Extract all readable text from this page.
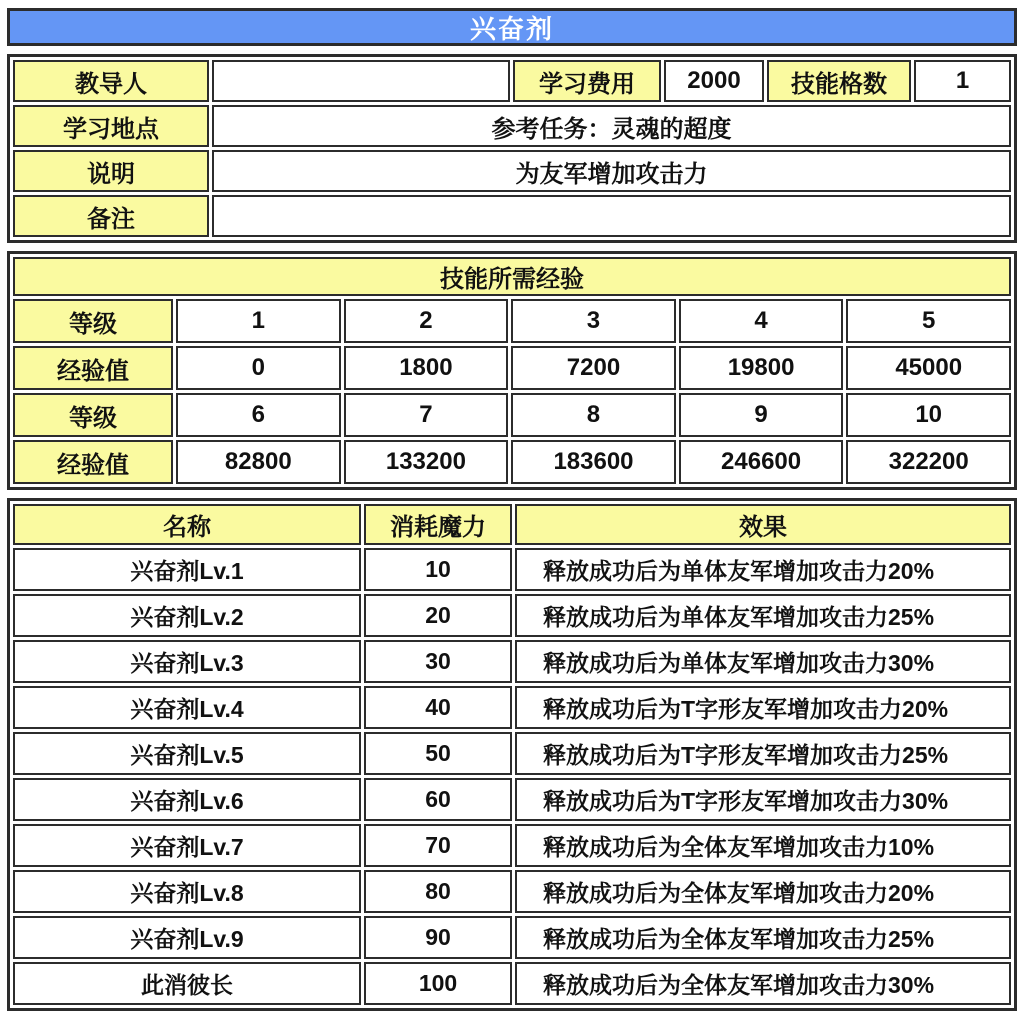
兴奋剂
教导人		学习费用	2000	技能格数	1
学习地点	参考任务：灵魂的超度				
说明	为友军增加攻击力				
备注					
技能所需经验					
等级	1	2	3	4	5
经验值	0	1800	7200	19800	45000
等级	6	7	8	9	10
经验值	82800	133200	183600	246600	322200
名称	消耗魔力	效果
兴奋剂Lv.1	10	释放成功后为单体友军增加攻击力20%
兴奋剂Lv.2	20	释放成功后为单体友军增加攻击力25%
兴奋剂Lv.3	30	释放成功后为单体友军增加攻击力30%
兴奋剂Lv.4	40	释放成功后为T字形友军增加攻击力20%
兴奋剂Lv.5	50	释放成功后为T字形友军增加攻击力25%
兴奋剂Lv.6	60	释放成功后为T字形友军增加攻击力30%
兴奋剂Lv.7	70	释放成功后为全体友军增加攻击力10%
兴奋剂Lv.8	80	释放成功后为全体友军增加攻击力20%
兴奋剂Lv.9	90	释放成功后为全体友军增加攻击力25%
此消彼长	100	释放成功后为全体友军增加攻击力30%
